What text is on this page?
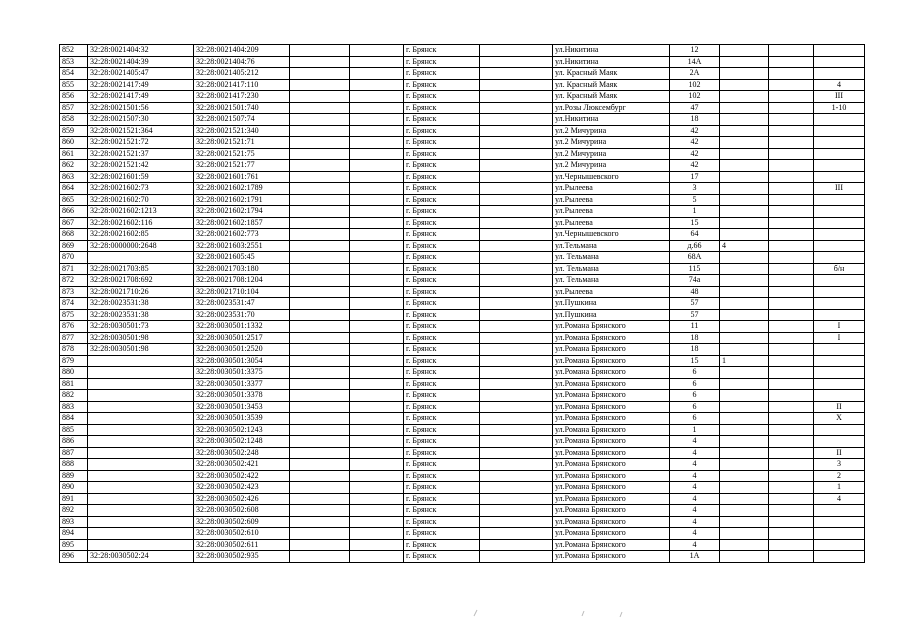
852	32:28:0021404:32	32:28:0021404:209			г. Брянск		ул.Никитина	12			
853	32:28:0021404:39	32:28:0021404:76			г. Брянск		ул.Никитина	14А			
854	32:28:0021405:47	32:28:0021405:212			г. Брянск		ул. Красный Маяк	2А			
855	32:28:0021417:49	32:28:0021417:110			г. Брянск		ул. Красный Маяк	102			4
856	32:28:0021417:49	32:28:0021417:230			г. Брянск		ул. Красный Маяк	102			III
857	32:28:0021501:56	32:28:0021501:740			г. Брянск		ул.Розы Люксембург	47			1-10
858	32:28:0021507:30	32:28:0021507:74			г. Брянск		ул.Никитина	18			
859	32:28:0021521:364	32:28:0021521:340			г. Брянск		ул.2 Мичурина	42			
860	32:28:0021521:72	32:28:0021521:71			г. Брянск		ул.2 Мичурина	42			
861	32:28:0021521:37	32:28:0021521:75			г. Брянск		ул.2 Мичурина	42			
862	32:28:0021521:42	32:28:0021521:77			г. Брянск		ул.2 Мичурина	42			
863	32:28:0021601:59	32:28:0021601:761			г. Брянск		ул.Чернышевского	17			
864	32:28:0021602:73	32:28:0021602:1789			г. Брянск		ул.Рылеева	3			III
865	32:28:0021602:70	32:28:0021602:1791			г. Брянск		ул.Рылеева	5			
866	32:28:0021602:1213	32:28:0021602:1794			г. Брянск		ул.Рылеева	1			
867	32:28:0021602:116	32:28:0021602:1857			г. Брянск		ул.Рылеева	15			
868	32:28:0021602:85	32:28:0021602:773			г. Брянск		ул.Чернышевского	64			
869	32:28:0000000:2648	32:28:0021603:2551			г. Брянск		ул.Тельмана	д.66	4		
870		32:28:0021605:45			г. Брянск		ул. Тельмана	68А			
871	32:28:0021703:85	32:28:0021703:180			г. Брянск		ул. Тельмана	115			б/н
872	32:28:0021708:692	32:28:0021708:1204			г. Брянск		ул. Тельмана	74а			
873	32:28:0021710:26	32:28:0021710:104			г. Брянск		ул.Рылеева	48			
874	32:28:0023531:38	32:28:0023531:47			г. Брянск		ул.Пушкина	57			
875	32:28:0023531:38	32:28:0023531:70			г. Брянск		ул.Пушкина	57			
876	32:28:0030501:73	32:28:0030501:1332			г. Брянск		ул.Романа Брянского	11			I
877	32:28:0030501:98	32:28:0030501:2517			г. Брянск		ул.Романа Брянского	18			I
878	32:28:0030501:98	32:28:0030501:2520			г. Брянск		ул.Романа Брянского	18			
879		32:28:0030501:3054			г. Брянск		ул.Романа Брянского	15	1		
880		32:28:0030501:3375			г. Брянск		ул.Романа Брянского	6			
881		32:28:0030501:3377			г. Брянск		ул.Романа Брянского	6			
882		32:28:0030501:3378			г. Брянск		ул.Романа Брянского	6			
883		32:28:0030501:3453			г. Брянск		ул.Романа Брянского	6			II
884		32:28:0030501:3539			г. Брянск		ул.Романа Брянского	6			X
885		32:28:0030502:1243			г. Брянск		ул.Романа Брянского	1			
886		32:28:0030502:1248			г. Брянск		ул.Романа Брянского	4			
887		32:28:0030502:248			г. Брянск		ул.Романа Брянского	4			II
888		32:28:0030502:421			г. Брянск		ул.Романа Брянского	4			3
889		32:28:0030502:422			г. Брянск		ул.Романа Брянского	4			2
890		32:28:0030502:423			г. Брянск		ул.Романа Брянского	4			1
891		32:28:0030502:426			г. Брянск		ул.Романа Брянского	4			4
892		32:28:0030502:608			г. Брянск		ул.Романа Брянского	4			
893		32:28:0030502:609			г. Брянск		ул.Романа Брянского	4			
894		32:28:0030502:610			г. Брянск		ул.Романа Брянского	4			
895		32:28:0030502:611			г. Брянск		ул.Романа Брянского	4			
896	32:28:0030502:24	32:28:0030502:935			г. Брянск		ул.Романа Брянского	1А			
